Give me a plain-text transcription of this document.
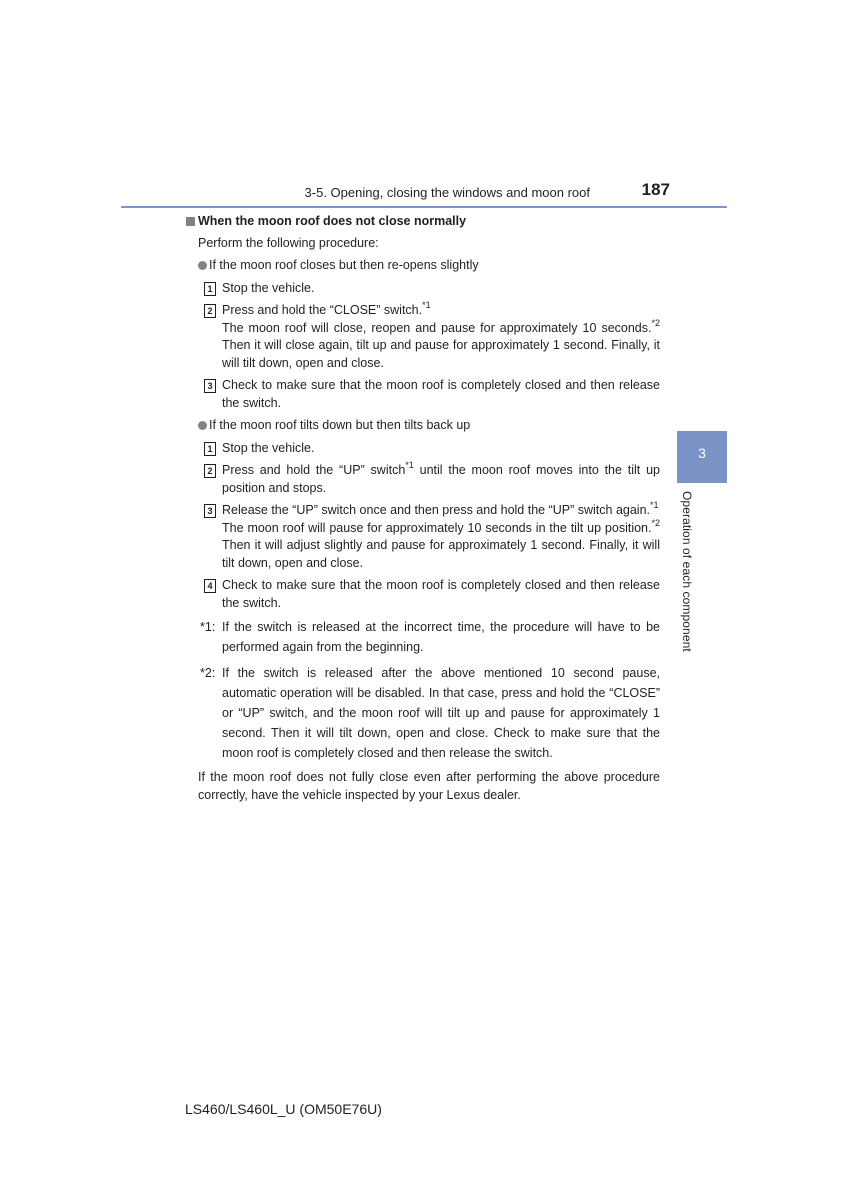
3-5. Opening, closing the windows and moon roof	187
3
Operation of each component
When the moon roof does not close normally
Perform the following procedure:
If the moon roof closes but then re-opens slightly
1 Stop the vehicle.
2 Press and hold the “CLOSE” switch.$^{*1}$
The moon roof will close, reopen and pause for approximately 10 seconds.$^{*2}$ Then it will close again, tilt up and pause for approximately 1 second. Finally, it will tilt down, open and close.
3 Check to make sure that the moon roof is completely closed and then release the switch.
If the moon roof tilts down but then tilts back up
1 Stop the vehicle.
2 Press and hold the “UP” switch$^{*1}$ until the moon roof moves into the tilt up position and stops.
3 Release the “UP” switch once and then press and hold the “UP” switch again.$^{*1}$
The moon roof will pause for approximately 10 seconds in the tilt up position.$^{*2}$ Then it will adjust slightly and pause for approximately 1 second. Finally, it will tilt down, open and close.
4 Check to make sure that the moon roof is completely closed and then release the switch.
*1: If the switch is released at the incorrect time, the procedure will have to be performed again from the beginning.
*2: If the switch is released after the above mentioned 10 second pause, automatic operation will be disabled. In that case, press and hold the “CLOSE” or “UP” switch, and the moon roof will tilt up and pause for approximately 1 second. Then it will tilt down, open and close. Check to make sure that the moon roof is completely closed and then release the switch.
If the moon roof does not fully close even after performing the above procedure correctly, have the vehicle inspected by your Lexus dealer.
LS460/LS460L_U (OM50E76U)
